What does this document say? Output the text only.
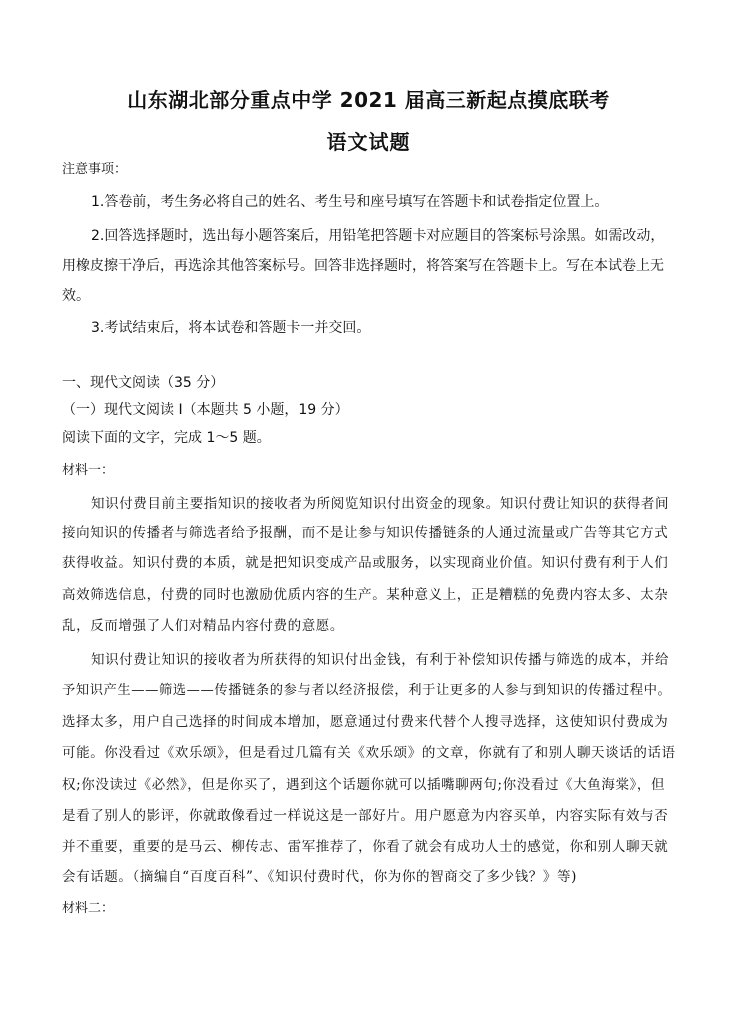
山东湖北部分重点中学 2021 届高三新起点摸底联考
语文试题
注意事项：
1.答卷前，考生务必将自己的姓名、考生号和座号填写在答题卡和试卷指定位置上。
2.回答选择题时，选出每小题答案后，用铅笔把答题卡对应题目的答案标号涂黑。如需改动，
用橡皮擦干净后，再选涂其他答案标号。回答非选择题时，将答案写在答题卡上。写在本试卷上无
效。
3.考试结束后，将本试卷和答题卡一并交回。
一、现代文阅读（35 分）
（一）现代文阅读 I（本题共 5 小题，19 分）
阅读下面的文字，完成 1～5 题。
材料一：
知识付费目前主要指知识的接收者为所阅览知识付出资金的现象。知识付费让知识的获得者间
接向知识的传播者与筛选者给予报酬，而不是让参与知识传播链条的人通过流量或广告等其它方式
获得收益。知识付费的本质，就是把知识变成产品或服务，以实现商业价值。知识付费有利于人们
高效筛选信息，付费的同时也激励优质内容的生产。某种意义上，正是糟糕的免费内容太多、太杂
乱，反而增强了人们对精品内容付费的意愿。
知识付费让知识的接收者为所获得的知识付出金钱，有利于补偿知识传播与筛选的成本，并给
予知识产生——筛选——传播链条的参与者以经济报偿，利于让更多的人参与到知识的传播过程中。
选择太多，用户自己选择的时间成本增加，愿意通过付费来代替个人搜寻选择，这使知识付费成为
可能。你没看过《欢乐颂》，但是看过几篇有关《欢乐颂》的文章，你就有了和别人聊天谈话的话语
权;你没读过《必然》，但是你买了，遇到这个话题你就可以插嘴聊两句;你没看过《大鱼海棠》，但
是看了别人的影评，你就敢像看过一样说这是一部好片。用户愿意为内容买单，内容实际有效与否
并不重要，重要的是马云、柳传志、雷军推荐了，你看了就会有成功人士的感觉，你和别人聊天就
会有话题。（摘编自“百度百科”、《知识付费时代，你为你的智商交了多少钱？》等)
材料二：
